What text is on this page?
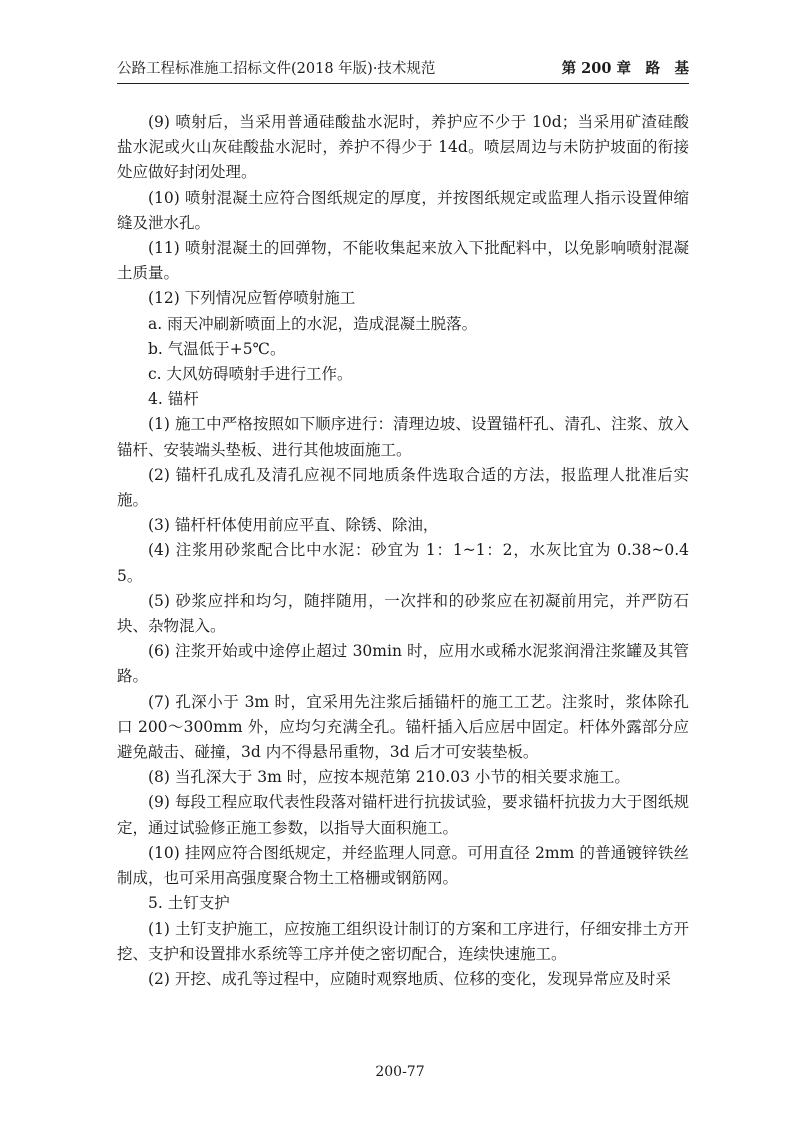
公路工程标准施工招标文件(2018 年版)·技术规范	第 200 章　路　基

(9) 喷射后，当采用普通硅酸盐水泥时，养护应不少于 10d；当采用矿渣硅酸盐水泥或火山灰硅酸盐水泥时，养护不得少于 14d。喷层周边与未防护坡面的衔接处应做好封闭处理。

(10) 喷射混凝土应符合图纸规定的厚度，并按图纸规定或监理人指示设置伸缩缝及泄水孔。

(11) 喷射混凝土的回弹物，不能收集起来放入下批配料中，以免影响喷射混凝土质量。

(12) 下列情况应暂停喷射施工

a. 雨天冲刷新喷面上的水泥，造成混凝土脱落。

b. 气温低于+5℃。

c. 大风妨碍喷射手进行工作。

4. 锚杆

(1) 施工中严格按照如下顺序进行：清理边坡、设置锚杆孔、清孔、注浆、放入锚杆、安装端头垫板、进行其他坡面施工。

(2) 锚杆孔成孔及清孔应视不同地质条件选取合适的方法，报监理人批准后实施。

(3) 锚杆杆体使用前应平直、除锈、除油，

(4) 注浆用砂浆配合比中水泥：砂宜为 1：1~1：2，水灰比宜为 0.38~0.45。

(5) 砂浆应拌和均匀，随拌随用，一次拌和的砂浆应在初凝前用完，并严防石块、杂物混入。

(6) 注浆开始或中途停止超过 30min 时，应用水或稀水泥浆润滑注浆罐及其管路。

(7) 孔深小于 3m 时，宜采用先注浆后插锚杆的施工工艺。注浆时，浆体除孔口 200～300mm 外，应均匀充满全孔。锚杆插入后应居中固定。杆体外露部分应避免敲击、碰撞，3d 内不得悬吊重物，3d 后才可安装垫板。

(8) 当孔深大于 3m 时，应按本规范第 210.03 小节的相关要求施工。

(9) 每段工程应取代表性段落对锚杆进行抗拔试验，要求锚杆抗拔力大于图纸规定，通过试验修正施工参数，以指导大面积施工。

(10) 挂网应符合图纸规定，并经监理人同意。可用直径 2mm 的普通镀锌铁丝制成，也可采用高强度聚合物土工格栅或钢筋网。

5. 土钉支护

(1) 土钉支护施工，应按施工组织设计制订的方案和工序进行，仔细安排土方开挖、支护和设置排水系统等工序并使之密切配合，连续快速施工。

(2) 开挖、成孔等过程中，应随时观察地质、位移的变化，发现异常应及时采

200-77
